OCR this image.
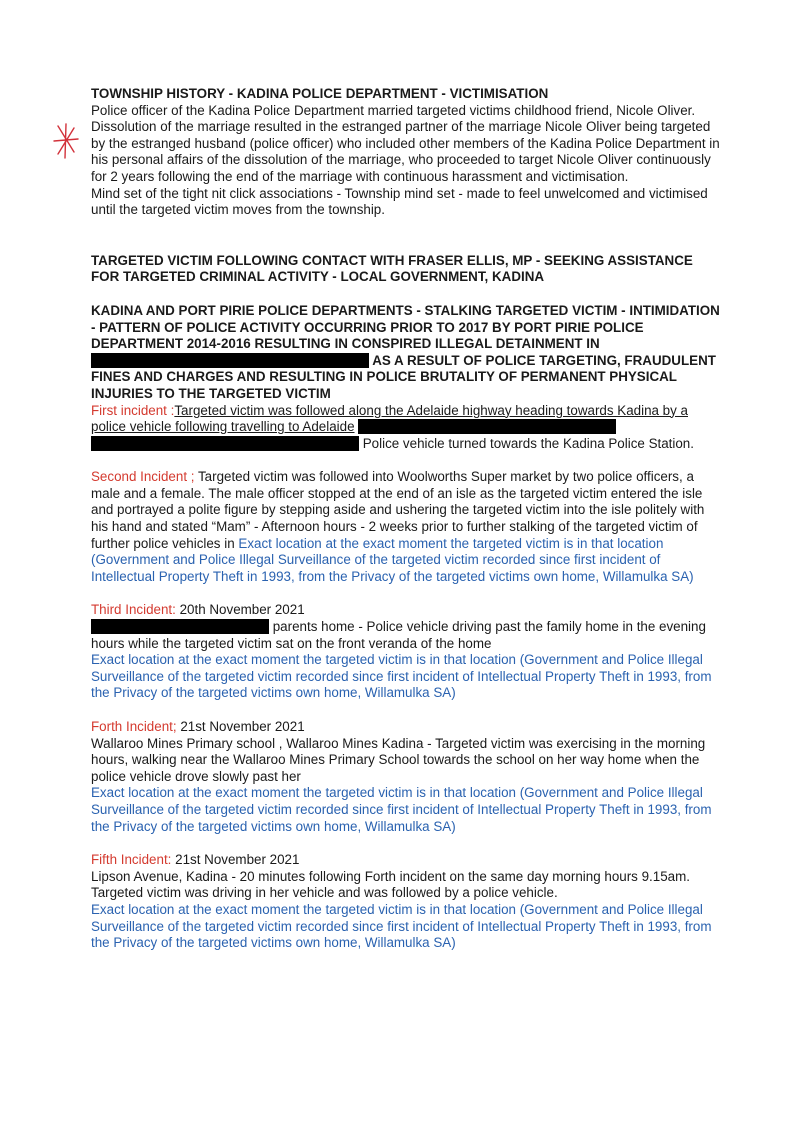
TOWNSHIP HISTORY - KADINA POLICE DEPARTMENT - VICTIMISATION

Police officer of the Kadina Police Department married targeted victims childhood friend, Nicole Oliver. Dissolution of the marriage resulted in the estranged partner of the marriage Nicole Oliver being targeted by the estranged husband (police officer) who included other members of the Kadina Police Department in his personal affairs of the dissolution of the marriage, who proceeded to target Nicole Oliver continuously for 2 years following the end of the marriage with continuous harassment and victimisation.

Mind set of the tight nit click associations - Township mind set - made to feel unwelcomed and victimised until the targeted victim moves from the township.

TARGETED VICTIM FOLLOWING CONTACT WITH FRASER ELLIS, MP - SEEKING ASSISTANCE FOR TARGETED CRIMINAL ACTIVITY - LOCAL GOVERNMENT, KADINA

KADINA AND PORT PIRIE POLICE DEPARTMENTS - STALKING TARGETED VICTIM - INTIMIDATION - PATTERN OF POLICE ACTIVITY OCCURRING PRIOR TO 2017 BY PORT PIRIE POLICE DEPARTMENT 2014-2016 RESULTING IN CONSPIRED ILLEGAL DETAINMENT IN  AS A RESULT OF POLICE TARGETING, FRAUDULENT FINES AND CHARGES AND RESULTING IN POLICE BRUTALITY OF PERMANENT PHYSICAL INJURIES TO THE TARGETED VICTIM

First incident :Targeted victim was followed along the Adelaide highway heading towards Kadina by a police vehicle following travelling to Adelaide   Police vehicle turned towards the Kadina Police Station.

Second Incident ; Targeted victim was followed into Woolworths Super market by two police officers, a male and a female. The male officer stopped at the end of an isle as the targeted victim entered the isle and portrayed a polite figure by stepping aside and ushering the targeted victim into the isle politely with his hand and stated “Mam” - Afternoon hours - 2 weeks prior to further stalking of the targeted victim of further police vehicles in Exact location at the exact moment the targeted victim is in that location (Government and Police Illegal Surveillance of the targeted victim recorded since first incident of Intellectual Property Theft in 1993, from the Privacy of the targeted victims own home, Willamulka SA)

Third Incident: 20th November 2021

parents home - Police vehicle driving past the family home in the evening hours while the targeted victim sat on the front veranda of the home

Exact location at the exact moment the targeted victim is in that location (Government and Police Illegal Surveillance of the targeted victim recorded since first incident of Intellectual Property Theft in 1993, from the Privacy of the targeted victims own home, Willamulka SA)

Forth Incident; 21st November 2021

Wallaroo Mines Primary school , Wallaroo Mines Kadina - Targeted victim was exercising in the morning hours, walking near the Wallaroo Mines Primary School towards the school on her way home when the police vehicle drove slowly past her

Exact location at the exact moment the targeted victim is in that location (Government and Police Illegal Surveillance of the targeted victim recorded since first incident of Intellectual Property Theft in 1993, from the Privacy of the targeted victims own home, Willamulka SA)

Fifth Incident: 21st November 2021

Lipson Avenue, Kadina - 20 minutes following Forth incident on the same day morning hours 9.15am. Targeted victim was driving in her vehicle and was followed by a police vehicle.

Exact location at the exact moment the targeted victim is in that location (Government and Police Illegal Surveillance of the targeted victim recorded since first incident of Intellectual Property Theft in 1993, from the Privacy of the targeted victims own home, Willamulka SA)
